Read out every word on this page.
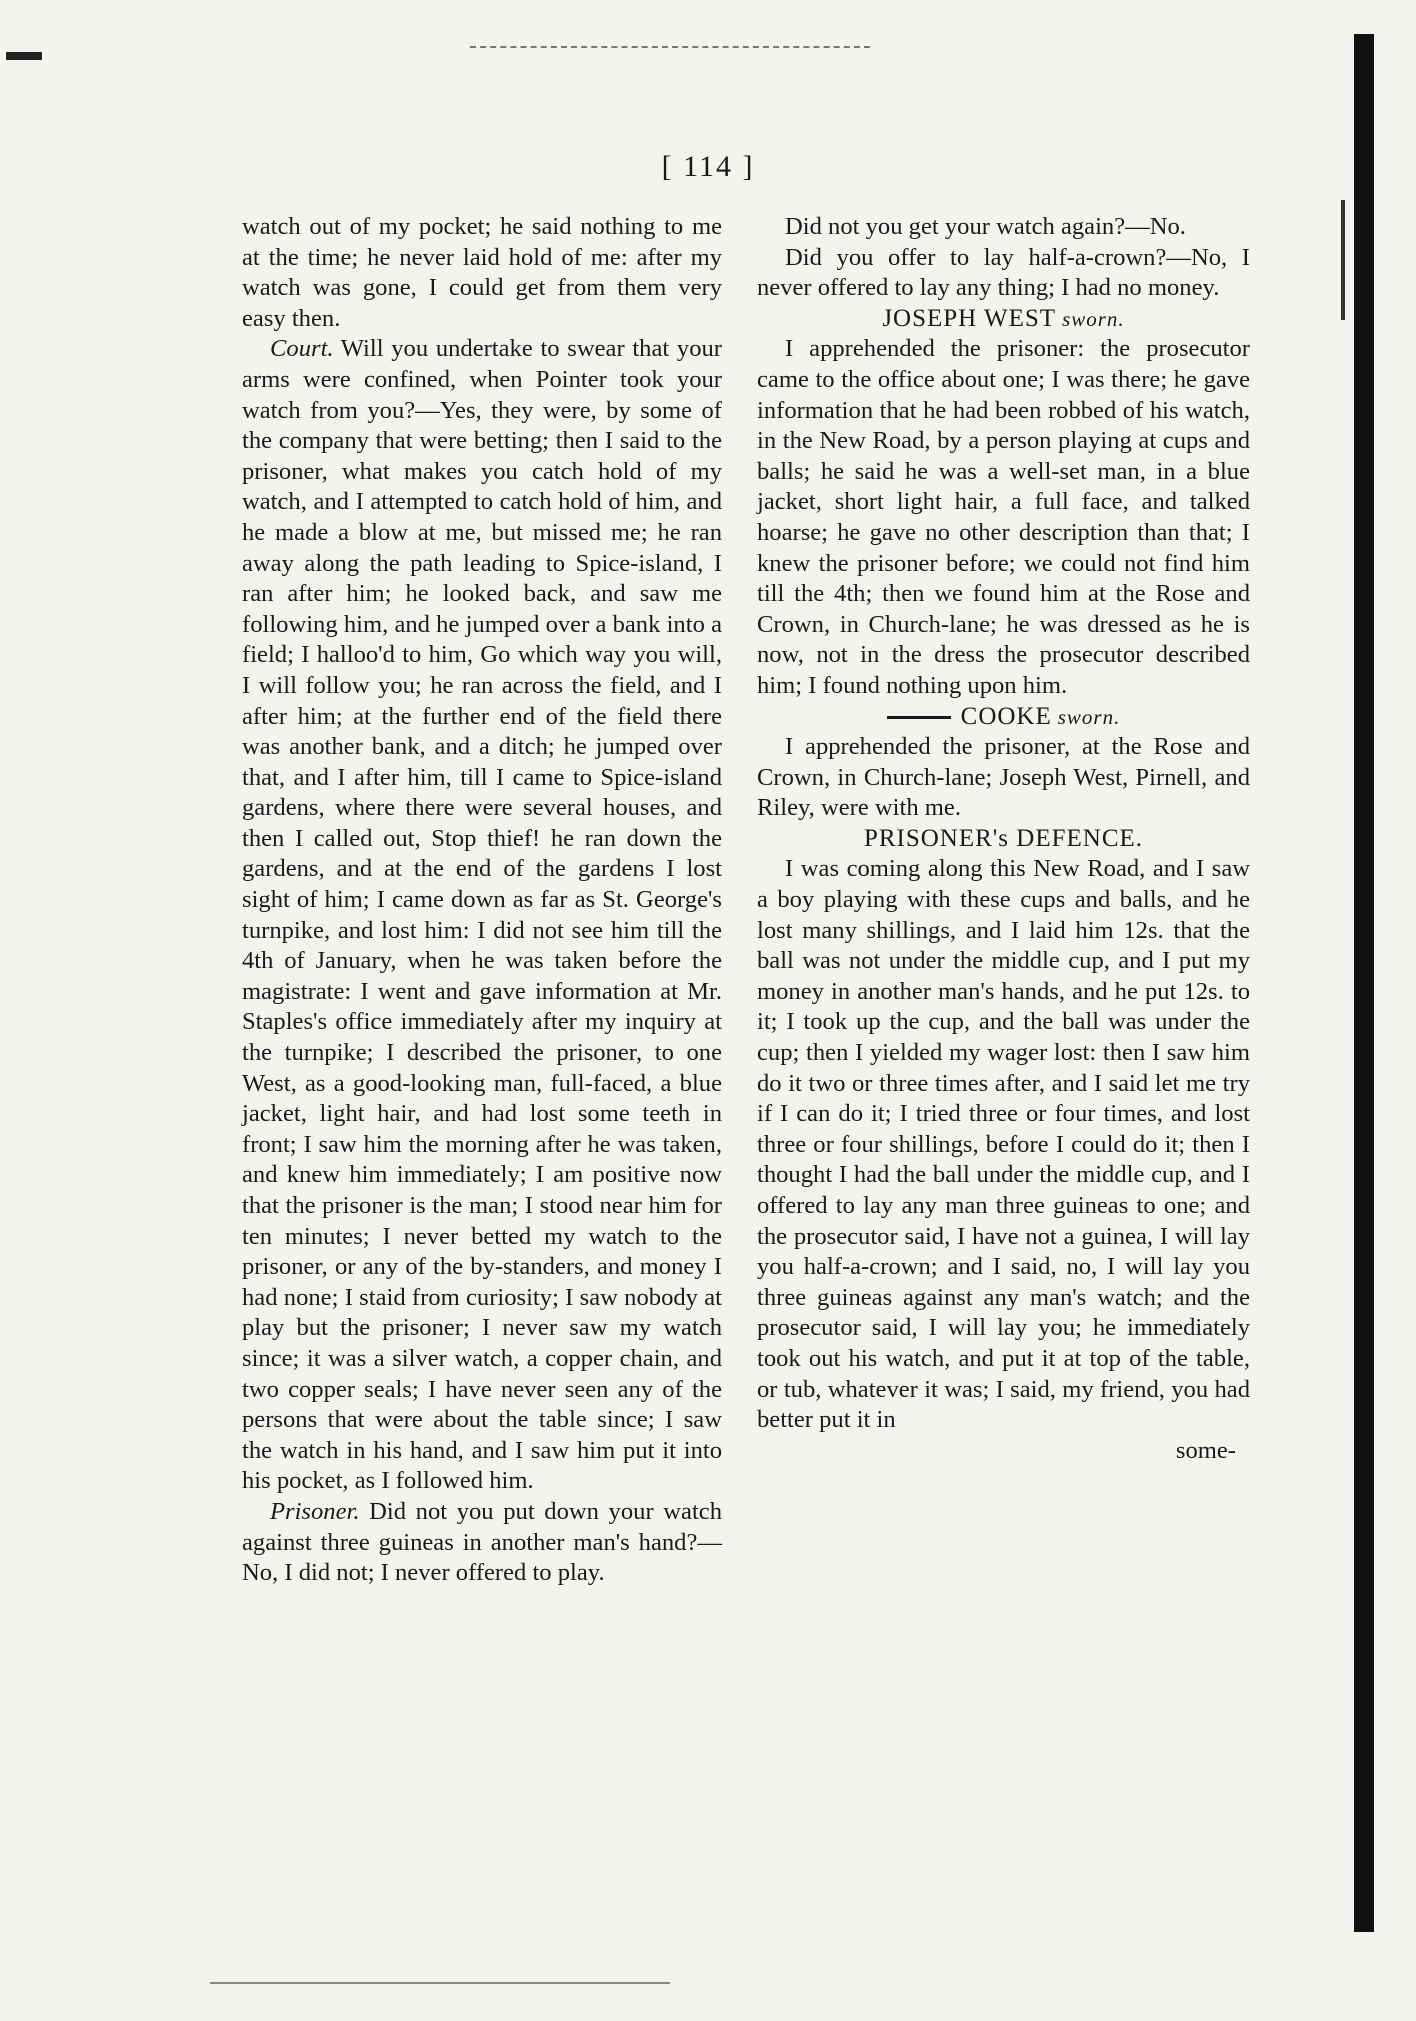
[ 114 ]

watch out of my pocket; he said nothing to me at the time; he never laid hold of me: after my watch was gone, I could get from them very easy then.

Court. Will you undertake to swear that your arms were confined, when Pointer took your watch from you?—Yes, they were, by some of the company that were betting; then I said to the prisoner, what makes you catch hold of my watch, and I attempted to catch hold of him, and he made a blow at me, but missed me; he ran away along the path leading to Spice-island, I ran after him; he looked back, and saw me following him, and he jumped over a bank into a field; I halloo'd to him, Go which way you will, I will follow you; he ran across the field, and I after him; at the further end of the field there was another bank, and a ditch; he jumped over that, and I after him, till I came to Spice-island gardens, where there were several houses, and then I called out, Stop thief! he ran down the gardens, and at the end of the gardens I lost sight of him; I came down as far as St. George's turnpike, and lost him: I did not see him till the 4th of January, when he was taken before the magistrate: I went and gave information at Mr. Staples's office immediately after my inquiry at the turnpike; I described the prisoner, to one West, as a good-looking man, full-faced, a blue jacket, light hair, and had lost some teeth in front; I saw him the morning after he was taken, and knew him immediately; I am positive now that the prisoner is the man; I stood near him for ten minutes; I never betted my watch to the prisoner, or any of the by-standers, and money I had none; I staid from curiosity; I saw nobody at play but the prisoner; I never saw my watch since; it was a silver watch, a copper chain, and two copper seals; I have never seen any of the persons that were about the table since; I saw the watch in his hand, and I saw him put it into his pocket, as I followed him.

Prisoner. Did not you put down your watch against three guineas in another man's hand?—No, I did not; I never offered to play.

Did not you get your watch again?—No.

Did you offer to lay half-a-crown?—No, I never offered to lay any thing; I had no money.

JOSEPH WEST sworn.

I apprehended the prisoner: the prosecutor came to the office about one; I was there; he gave information that he had been robbed of his watch, in the New Road, by a person playing at cups and balls; he said he was a well-set man, in a blue jacket, short light hair, a full face, and talked hoarse; he gave no other description than that; I knew the prisoner before; we could not find him till the 4th; then we found him at the Rose and Crown, in Church-lane; he was dressed as he is now, not in the dress the prosecutor described him; I found nothing upon him.

COOKE sworn.

I apprehended the prisoner, at the Rose and Crown, in Church-lane; Joseph West, Pirnell, and Riley, were with me.

PRISONER's DEFENCE.

I was coming along this New Road, and I saw a boy playing with these cups and balls, and he lost many shillings, and I laid him 12s. that the ball was not under the middle cup, and I put my money in another man's hands, and he put 12s. to it; I took up the cup, and the ball was under the cup; then I yielded my wager lost: then I saw him do it two or three times after, and I said let me try if I can do it; I tried three or four times, and lost three or four shillings, before I could do it; then I thought I had the ball under the middle cup, and I offered to lay any man three guineas to one; and the prosecutor said, I have not a guinea, I will lay you half-a-crown; and I said, no, I will lay you three guineas against any man's watch; and the prosecutor said, I will lay you; he immediately took out his watch, and put it at top of the table, or tub, whatever it was; I said, my friend, you had better put it in

some-
